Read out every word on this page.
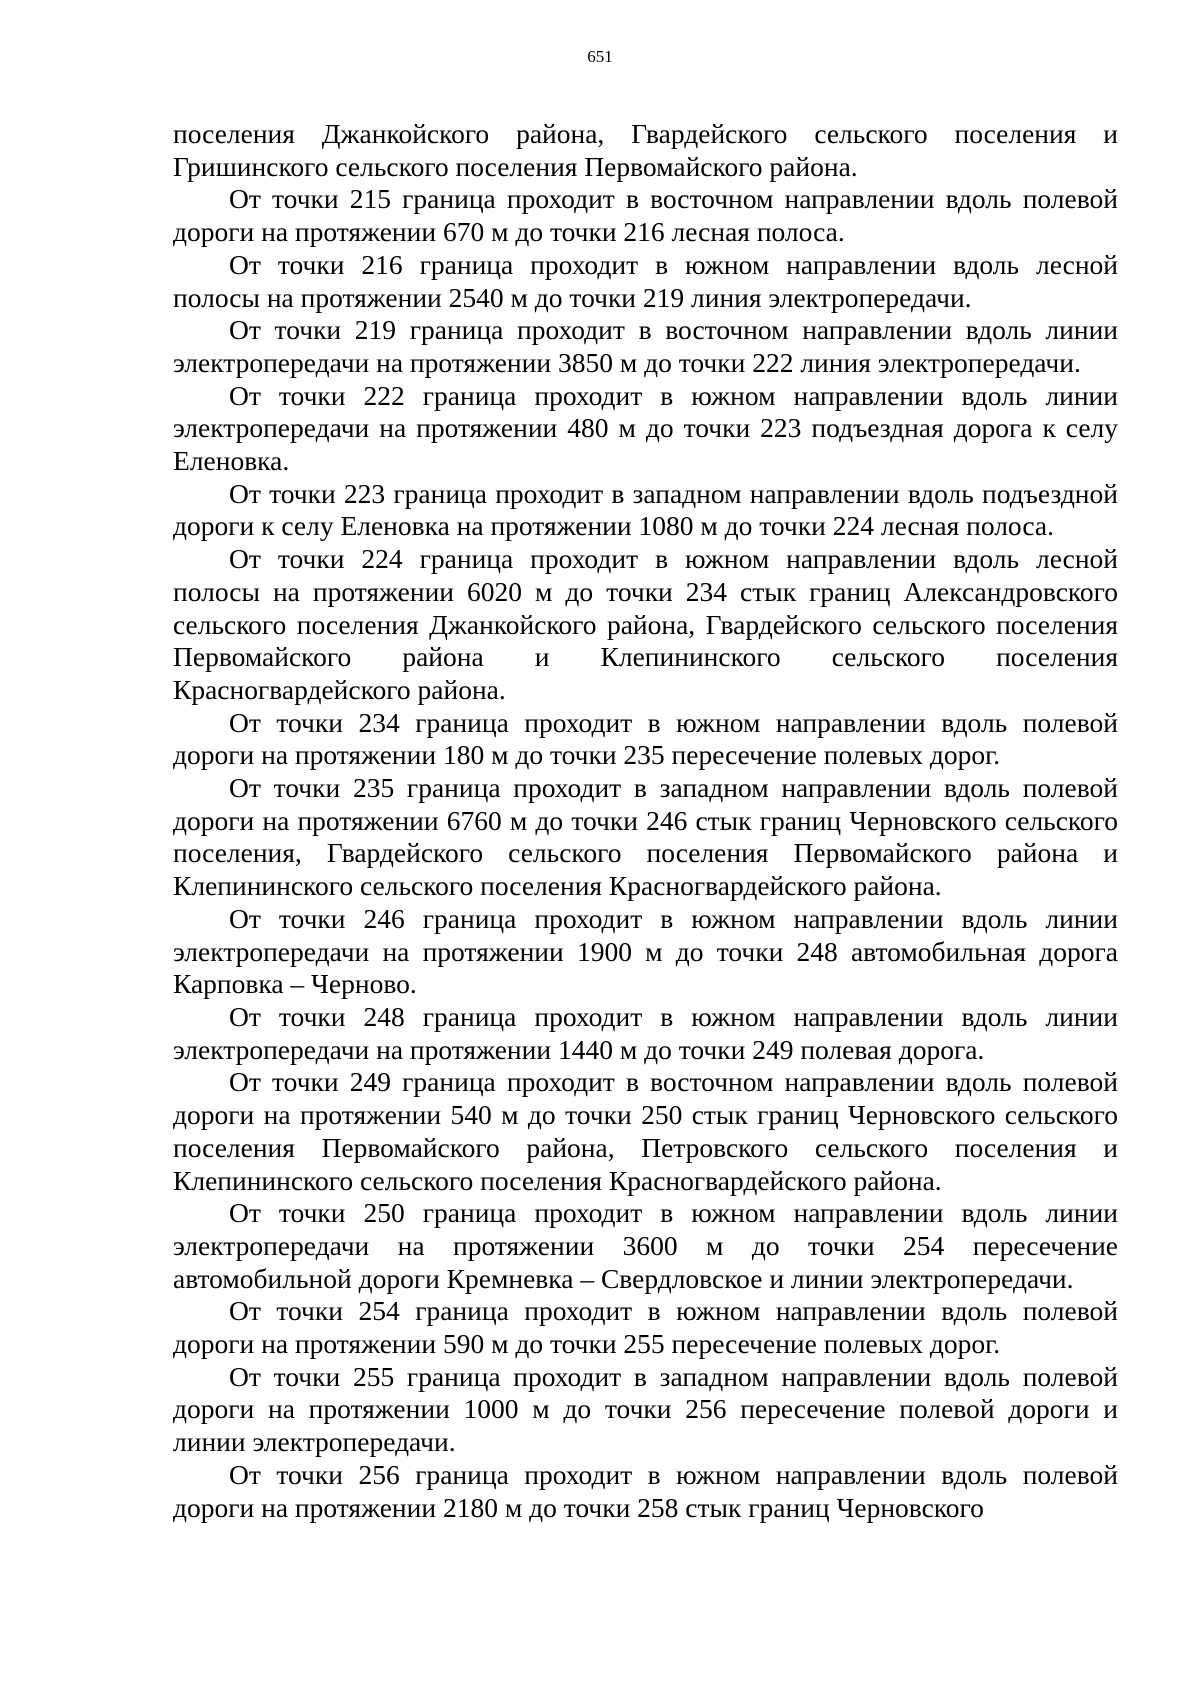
651

поселения Джанкойского района, Гвардейского сельского поселения и Гришинского сельского поселения Первомайского района.

От точки 215 граница проходит в восточном направлении вдоль полевой дороги на протяжении 670 м до точки 216 лесная полоса.

От точки 216 граница проходит в южном направлении вдоль лесной полосы на протяжении 2540 м до точки 219 линия электропередачи.

От точки 219 граница проходит в восточном направлении вдоль линии электропередачи на протяжении 3850 м до точки 222 линия электропередачи.

От точки 222 граница проходит в южном направлении вдоль линии электропередачи на протяжении 480 м до точки 223 подъездная дорога к селу Еленовка.

От точки 223 граница проходит в западном направлении вдоль подъездной дороги к селу Еленовка на протяжении 1080 м до точки 224 лесная полоса.

От точки 224 граница проходит в южном направлении вдоль лесной полосы на протяжении 6020 м до точки 234 стык границ Александровского сельского поселения Джанкойского района, Гвардейского сельского поселения Первомайского района и Клепининского сельского поселения Красногвардейского района.

От точки 234 граница проходит в южном направлении вдоль полевой дороги на протяжении 180 м до точки 235 пересечение полевых дорог.

От точки 235 граница проходит в западном направлении вдоль полевой дороги на протяжении 6760 м до точки 246 стык границ Черновского сельского поселения, Гвардейского сельского поселения Первомайского района и Клепининского сельского поселения Красногвардейского района.

От точки 246 граница проходит в южном направлении вдоль линии электропередачи на протяжении 1900 м до точки 248 автомобильная дорога Карповка – Черново.

От точки 248 граница проходит в южном направлении вдоль линии электропередачи на протяжении 1440 м до точки 249 полевая дорога.

От точки 249 граница проходит в восточном направлении вдоль полевой дороги на протяжении 540 м до точки 250 стык границ Черновского сельского поселения Первомайского района, Петровского сельского поселения и Клепининского сельского поселения Красногвардейского района.

От точки 250 граница проходит в южном направлении вдоль линии электропередачи на протяжении 3600 м до точки 254 пересечение автомобильной дороги Кремневка – Свердловское и линии электропередачи.

От точки 254 граница проходит в южном направлении вдоль полевой дороги на протяжении 590 м до точки 255 пересечение полевых дорог.

От точки 255 граница проходит в западном направлении вдоль полевой дороги на протяжении 1000 м до точки 256 пересечение полевой дороги и линии электропередачи.

От точки 256 граница проходит в южном направлении вдоль полевой дороги на протяжении 2180 м до точки 258 стык границ Черновского
